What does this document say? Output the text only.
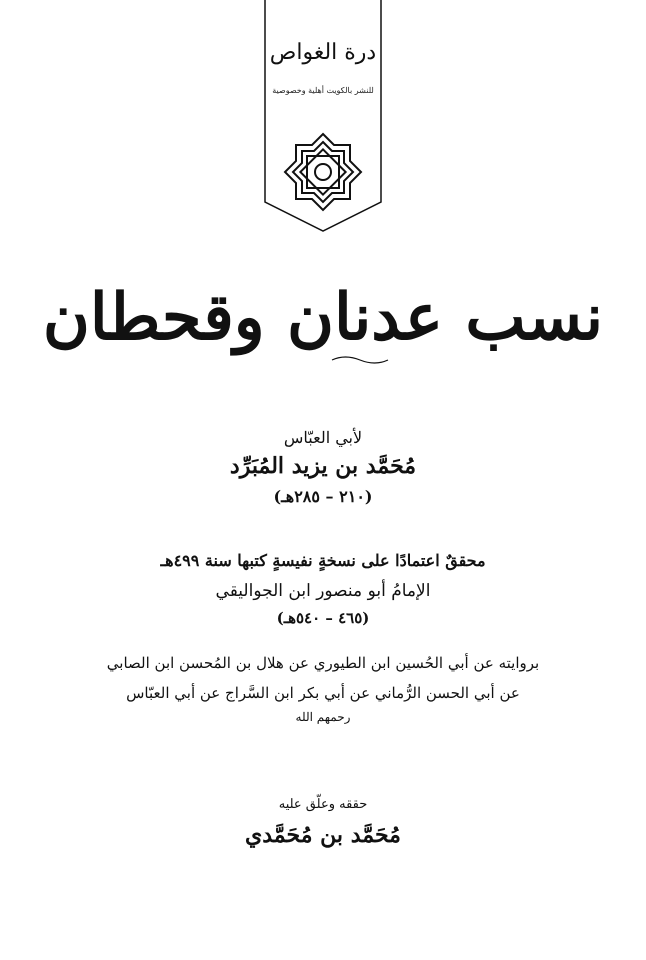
درة الغواص
للنشر بالكويت أهلية وخصوصية
نسب عدنان وقحطان
لأبي العبّاس
مُحَمَّد بن يزيد المُبَرِّد
(٢١٠ – ٢٨٥هـ)
محققٌ اعتمادًا على نسخةٍ نفيسةٍ كتبها سنة ٤٩٩هـ
الإمامُ أبو منصور ابن الجواليقي
(٤٦٥ – ٥٤٠هـ)
بروايته عن أبي الحُسين ابن الطيوري عن هلال بن المُحسن ابن الصابي
عن أبي الحسن الرُّماني عن أبي بكر ابن السَّراج عن أبي العبّاس
رحمهم الله
حققه وعلّق عليه
مُحَمَّد بن مُحَمَّدي
